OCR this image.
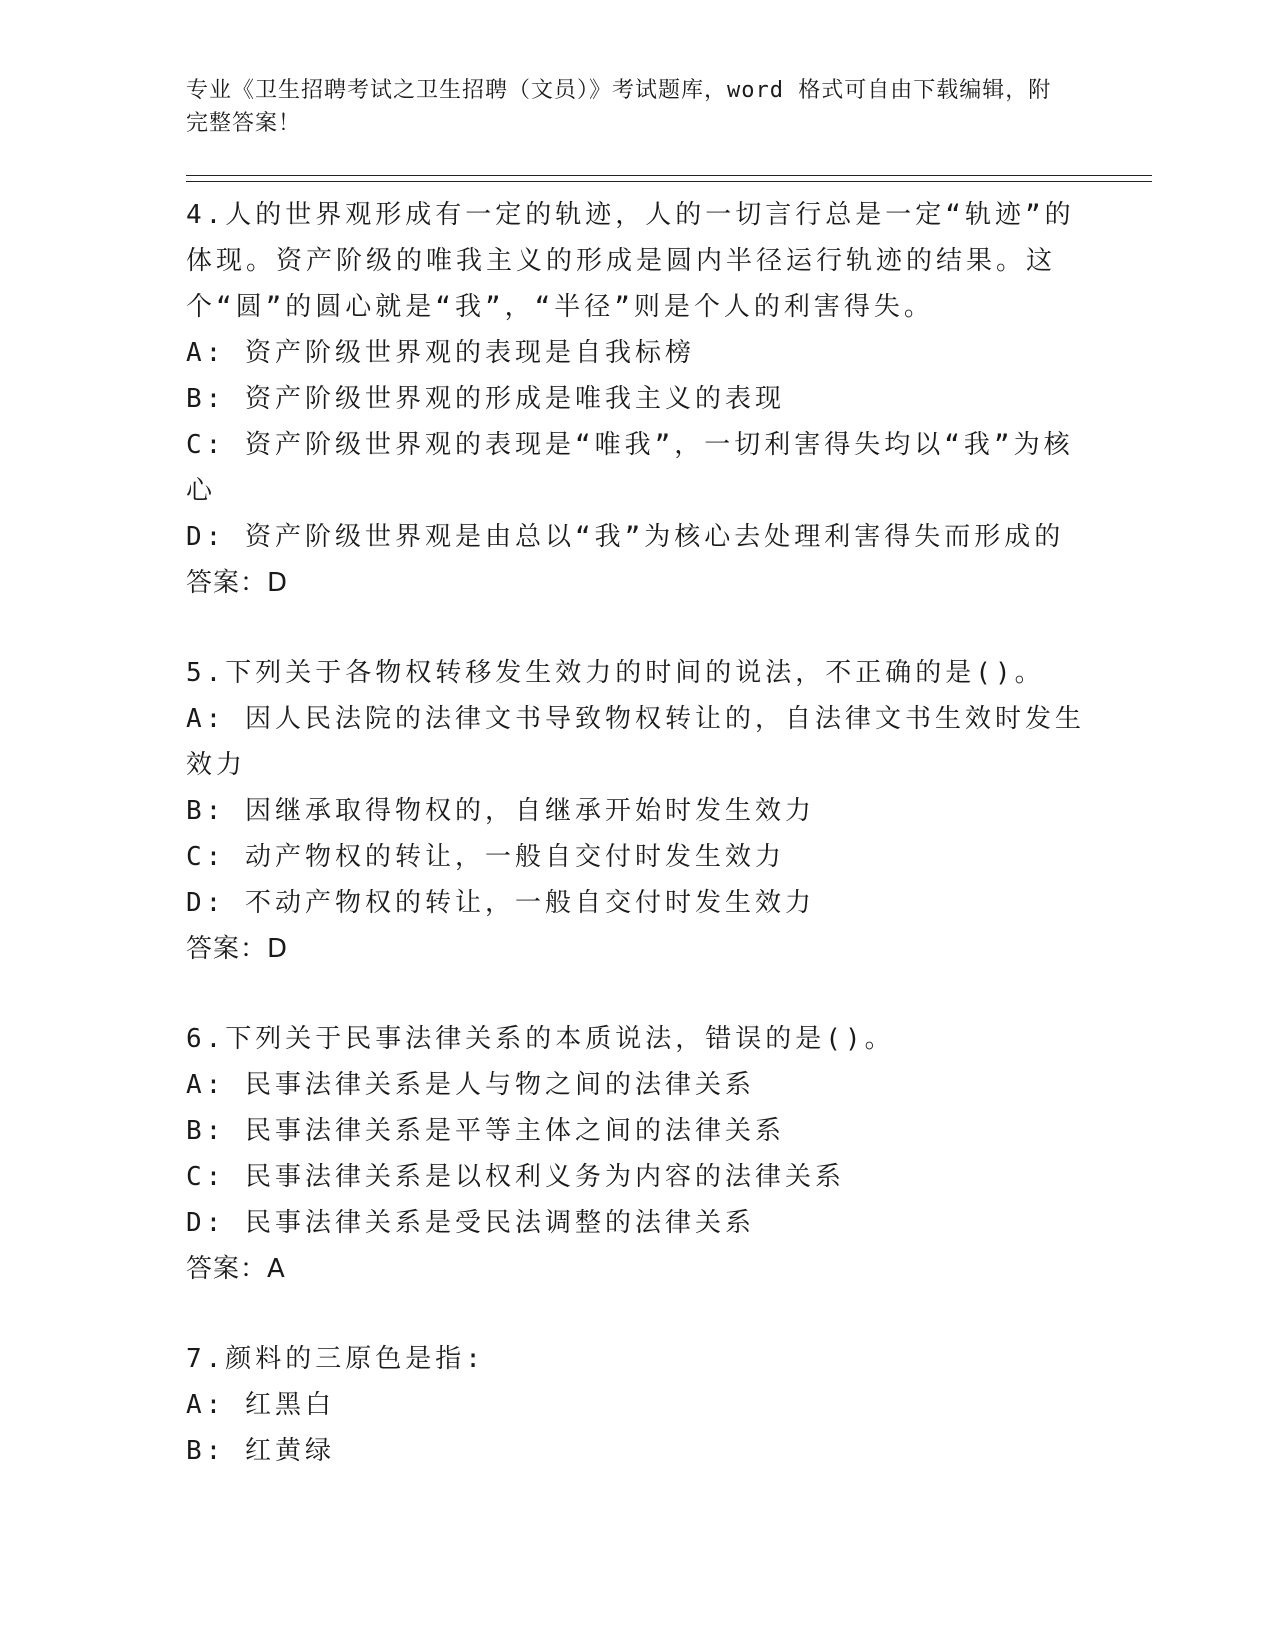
专业《卫生招聘考试之卫生招聘（文员）》考试题库，word 格式可自由下载编辑，附完整答案！
4.人的世界观形成有一定的轨迹，人的一切言行总是一定“轨迹”的体现。资产阶级的唯我主义的形成是圆内半径运行轨迹的结果。这个“圆”的圆心就是“我”，“半径”则是个人的利害得失。
A: 资产阶级世界观的表现是自我标榜
B: 资产阶级世界观的形成是唯我主义的表现
C: 资产阶级世界观的表现是“唯我”，一切利害得失均以“我”为核心
D: 资产阶级世界观是由总以“我”为核心去处理利害得失而形成的
答案：D
5.下列关于各物权转移发生效力的时间的说法，不正确的是()。
A: 因人民法院的法律文书导致物权转让的，自法律文书生效时发生效力
B: 因继承取得物权的，自继承开始时发生效力
C: 动产物权的转让，一般自交付时发生效力
D: 不动产物权的转让，一般自交付时发生效力
答案：D
6.下列关于民事法律关系的本质说法，错误的是()。
A: 民事法律关系是人与物之间的法律关系
B: 民事法律关系是平等主体之间的法律关系
C: 民事法律关系是以权利义务为内容的法律关系
D: 民事法律关系是受民法调整的法律关系
答案：A
7.颜料的三原色是指:
A: 红黑白
B: 红黄绿
